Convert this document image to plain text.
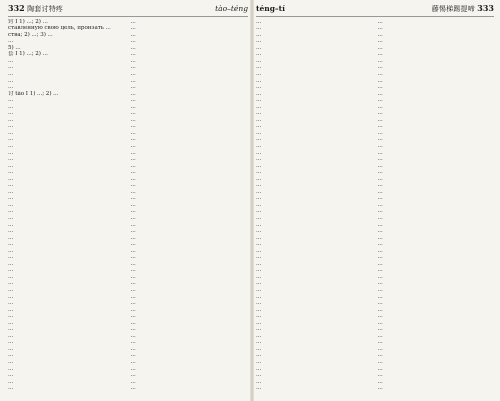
332 陶套讨特疼	tào–téng
窍 I 1) ...; 2) ...
ставленную свою цель, пронзать ...
ства; 2) ...; 3) ...
...
5) ...
套 I 1) ...; 2) ...
...
...
...
...
...
讨 tǎo I 1) ...; 2) ...
...
...
...
...
...
...
...
...
...
...
...
...
...
...
...
...
...
...
...
...
...
...
...
...
...
...
...
...
...
...
...
...
...
...
...
...
...
...
...
...
...
...
...
...
...
...
...
...
...
...
...
...
...
...
...
...
...
...
...
...
...
...
...
...
...
...
...
...
...
...
...
...
...
...
...
...
...
...
...
...
...
...
...
...
...
...
...
...
...
...
...
...
...
...
...
...
...
...
...
...
...
...
téng–tí	藤惕梯踢提啼 333
...
...
...
...
...
...
...
...
...
...
...
...
...
...
...
...
...
...
...
...
...
...
...
...
...
...
...
...
...
...
...
...
...
...
...
...
...
...
...
...
...
...
...
...
...
...
...
...
...
...
...
...
...
...
...
...
...
...
...
...
...
...
...
...
...
...
...
...
...
...
...
...
...
...
...
...
...
...
...
...
...
...
...
...
...
...
...
...
...
...
...
...
...
...
...
...
...
...
...
...
...
...
...
...
...
...
...
...
...
...
...
...
...
...
